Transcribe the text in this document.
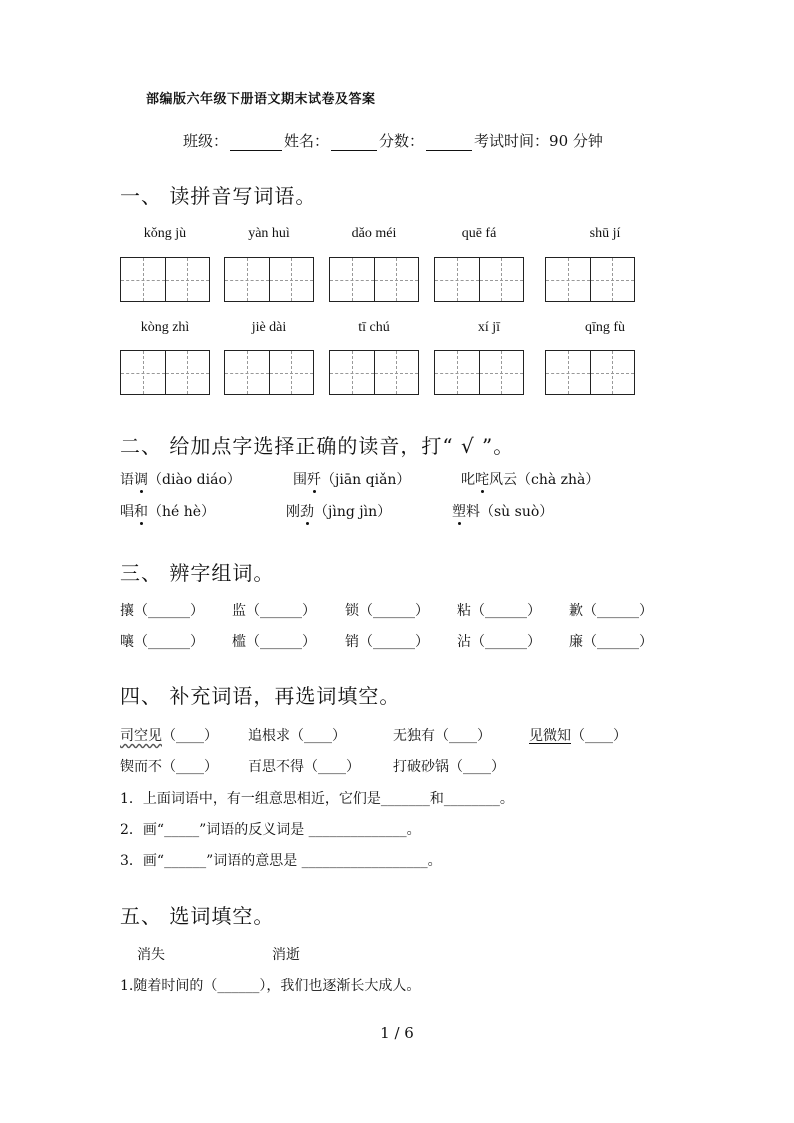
部编版六年级下册语文期末试卷及答案
班级：	姓名：	分数：	考试时间：90 分钟
一、 读拼音写词语。
kǒng jù	yàn huì	dǎo méi	quē fá	shū jí
kòng zhì	jiè dài	tī chú	xí jī	qīng fù
二、 给加点字选择正确的读音，打“ √ ”。
语调（diào diáo）	围歼（jiān qiǎn）	叱咤风云（chà zhà）
唱和（hé hè）	刚劲（jìng jìn）	塑料（sù suò）
三、 辨字组词。
攘（______） 监（______） 锁（______） 粘（______） 歉（______）
嚷（______） 槛（______） 销（______） 沾（______） 廉（______）
四、 补充词语，再选词填空。
司空见（____） 追根求（____）	无独有（____）	见微知（____）
锲而不（____） 百思不得（____） 打破砂锅（____）
1．上面词语中，有一组意思相近，它们是_______和________。
2．画“_____”词语的反义词是 ______________。
3．画“______”词语的意思是 __________________。
五、 选词填空。
消失	消逝
1.随着时间的（______），我们也逐渐长大成人。
1 / 6
